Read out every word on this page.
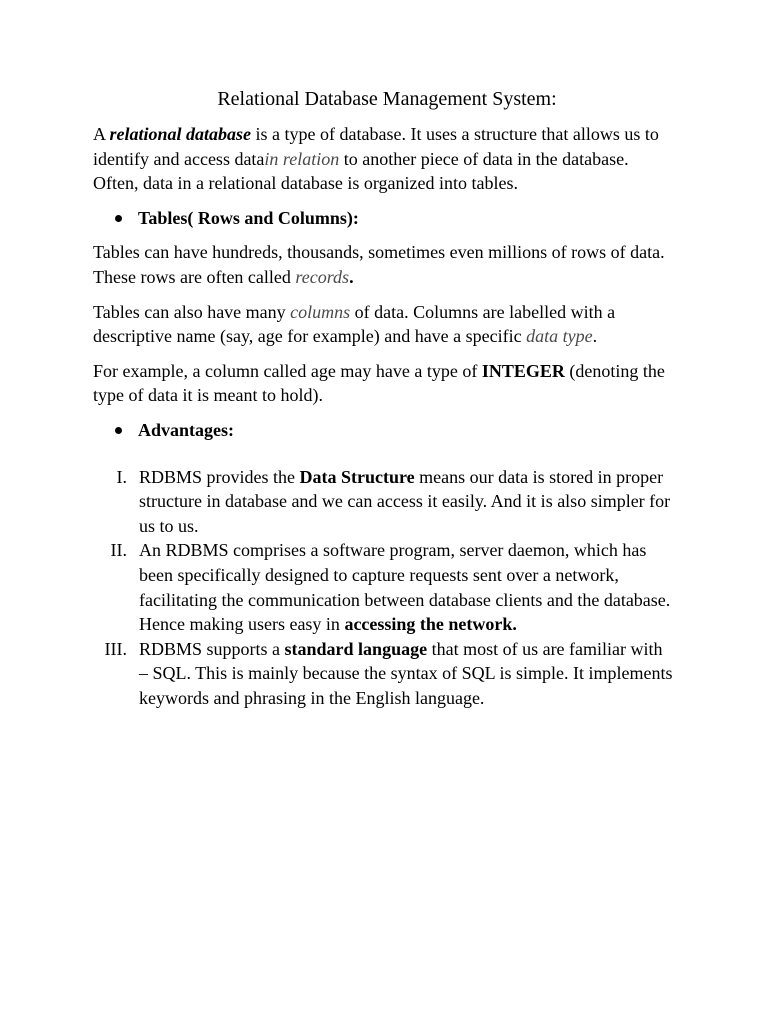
Relational Database Management System:
A relational database is a type of database. It uses a structure that allows us to identify and access datain relation to another piece of data in the database. Often, data in a relational database is organized into tables.
Tables( Rows and Columns):
Tables can have hundreds, thousands, sometimes even millions of rows of data. These rows are often called records.
Tables can also have many columns of data. Columns are labelled with a descriptive name (say, age for example) and have a specific data type.
For example, a column called age may have a type of INTEGER (denoting the type of data it is meant to hold).
Advantages:
I. RDBMS provides the Data Structure means our data is stored in proper structure in database and we can access it easily. And it is also simpler for us to us.
II. An RDBMS comprises a software program, server daemon, which has been specifically designed to capture requests sent over a network, facilitating the communication between database clients and the database. Hence making users easy in accessing the network.
III. RDBMS supports a standard language that most of us are familiar with – SQL. This is mainly because the syntax of SQL is simple. It implements keywords and phrasing in the English language.
